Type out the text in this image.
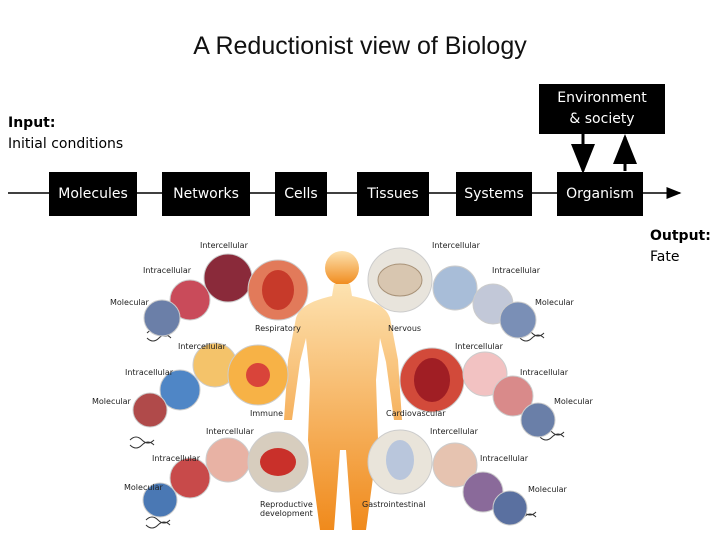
A Reductionist view of Biology
Input:
Initial conditions
Environment
& society
Molecules	Networks	Cells	Tissues	Systems	Organism
Output:
Fate
Intercellular
Intracellular
Molecular
Respiratory
Intercellular
Intracellular
Molecular
Immune
Intercellular
Intracellular
Molecular
Reproductive
development
Intercellular
Intracellular
Molecular
Nervous
Intercellular
Intracellular
Molecular
Cardiovascular
Intercellular
Intracellular
Molecular
Gastrointestinal
